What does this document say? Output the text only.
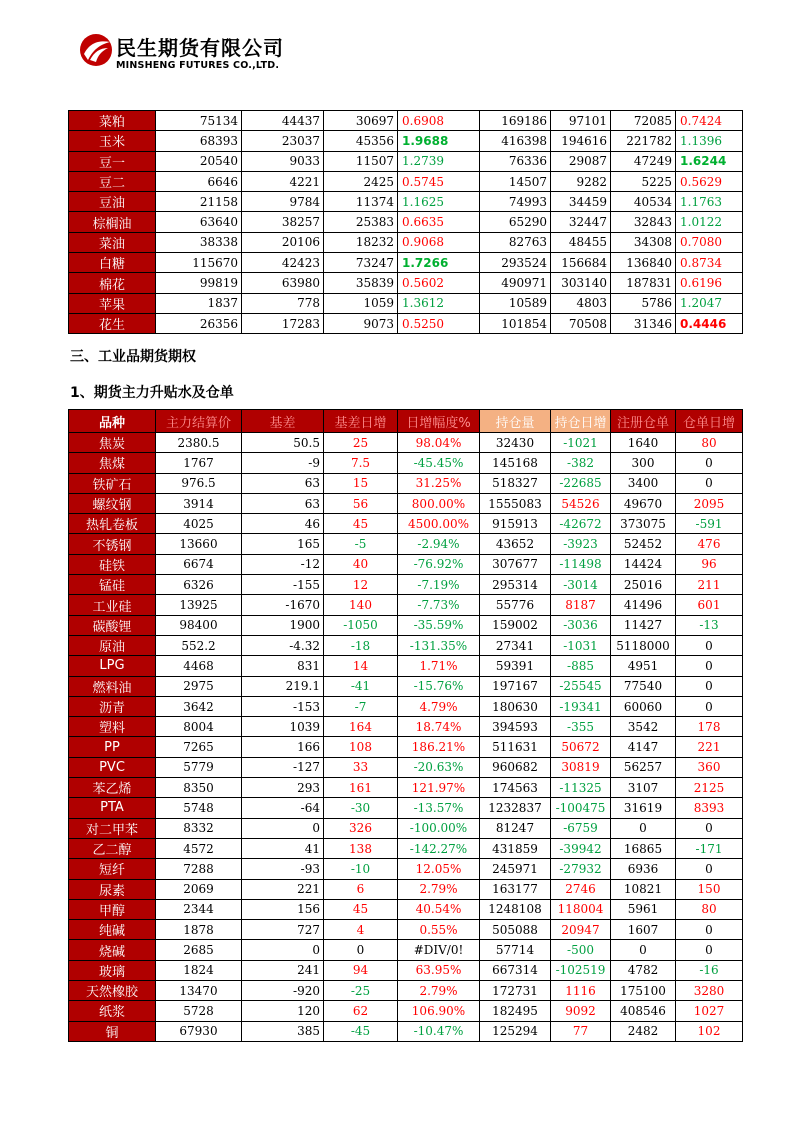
民生期货有限公司
MINSHENG FUTURES CO.,LTD.
菜粕	75134	44437	30697	0.6908	169186	97101	72085	0.7424
玉米	68393	23037	45356	1.9688	416398	194616	221782	1.1396
豆一	20540	9033	11507	1.2739	76336	29087	47249	1.6244
豆二	6646	4221	2425	0.5745	14507	9282	5225	0.5629
豆油	21158	9784	11374	1.1625	74993	34459	40534	1.1763
棕榈油	63640	38257	25383	0.6635	65290	32447	32843	1.0122
菜油	38338	20106	18232	0.9068	82763	48455	34308	0.7080
白糖	115670	42423	73247	1.7266	293524	156684	136840	0.8734
棉花	99819	63980	35839	0.5602	490971	303140	187831	0.6196
苹果	1837	778	1059	1.3612	10589	4803	5786	1.2047
花生	26356	17283	9073	0.5250	101854	70508	31346	0.4446
三、工业品期货期权
1、期货主力升贴水及仓单
品种	主力结算价	基差	基差日增	日增幅度%	持仓量	持仓日增	注册仓单	仓单日增
焦炭	2380.5	50.5	25	98.04%	32430	-1021	1640	80
焦煤	1767	-9	7.5	-45.45%	145168	-382	300	0
铁矿石	976.5	63	15	31.25%	518327	-22685	3400	0
螺纹钢	3914	63	56	800.00%	1555083	54526	49670	2095
热轧卷板	4025	46	45	4500.00%	915913	-42672	373075	-591
不锈钢	13660	165	-5	-2.94%	43652	-3923	52452	476
硅铁	6674	-12	40	-76.92%	307677	-11498	14424	96
锰硅	6326	-155	12	-7.19%	295314	-3014	25016	211
工业硅	13925	-1670	140	-7.73%	55776	8187	41496	601
碳酸锂	98400	1900	-1050	-35.59%	159002	-3036	11427	-13
原油	552.2	-4.32	-18	-131.35%	27341	-1031	5118000	0
LPG	4468	831	14	1.71%	59391	-885	4951	0
燃料油	2975	219.1	-41	-15.76%	197167	-25545	77540	0
沥青	3642	-153	-7	4.79%	180630	-19341	60060	0
塑料	8004	1039	164	18.74%	394593	-355	3542	178
PP	7265	166	108	186.21%	511631	50672	4147	221
PVC	5779	-127	33	-20.63%	960682	30819	56257	360
苯乙烯	8350	293	161	121.97%	174563	-11325	3107	2125
PTA	5748	-64	-30	-13.57%	1232837	-100475	31619	8393
对二甲苯	8332	0	326	-100.00%	81247	-6759	0	0
乙二醇	4572	41	138	-142.27%	431859	-39942	16865	-171
短纤	7288	-93	-10	12.05%	245971	-27932	6936	0
尿素	2069	221	6	2.79%	163177	2746	10821	150
甲醇	2344	156	45	40.54%	1248108	118004	5961	80
纯碱	1878	727	4	0.55%	505088	20947	1607	0
烧碱	2685	0	0	#DIV/0!	57714	-500	0	0
玻璃	1824	241	94	63.95%	667314	-102519	4782	-16
天然橡胶	13470	-920	-25	2.79%	172731	1116	175100	3280
纸浆	5728	120	62	106.90%	182495	9092	408546	1027
铜	67930	385	-45	-10.47%	125294	77	2482	102
